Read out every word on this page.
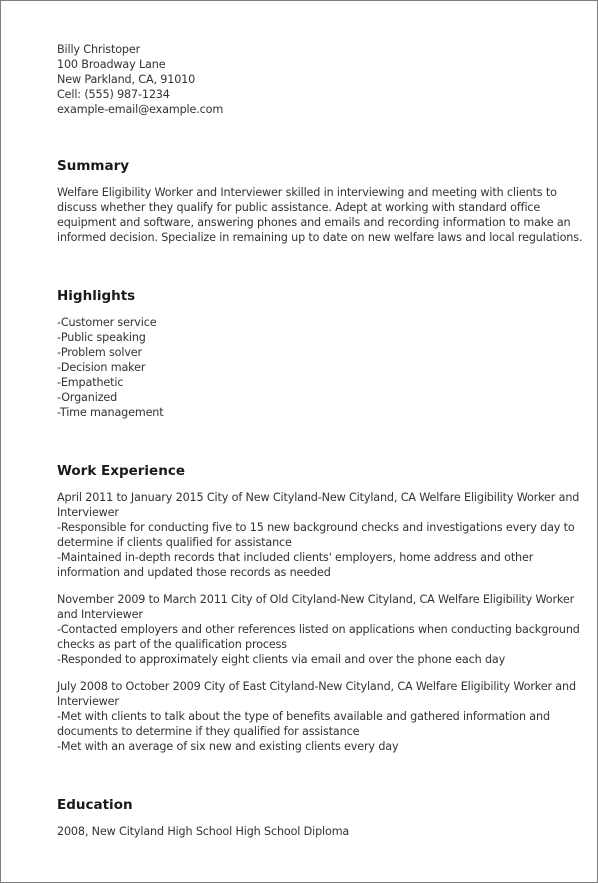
Billy Christoper
100 Broadway Lane
New Parkland, CA, 91010
Cell: (555) 987-1234
example-email@example.com
Summary

Welfare Eligibility Worker and Interviewer skilled in interviewing and meeting with clients to discuss whether they qualify for public assistance. Adept at working with standard office equipment and software, answering phones and emails and recording information to make an informed decision. Specialize in remaining up to date on new welfare laws and local regulations.

Highlights
-Customer service
-Public speaking
-Problem solver
-Decision maker
-Empathetic
-Organized
-Time management
Work Experience
April 2011 to January 2015 City of New Cityland-New Cityland, CA Welfare Eligibility Worker and Interviewer
-Responsible for conducting five to 15 new background checks and investigations every day to determine if clients qualified for assistance
-Maintained in-depth records that included clients' employers, home address and other information and updated those records as needed
November 2009 to March 2011 City of Old Cityland-New Cityland, CA Welfare Eligibility Worker and Interviewer
-Contacted employers and other references listed on applications when conducting background checks as part of the qualification process
-Responded to approximately eight clients via email and over the phone each day
July 2008 to October 2009 City of East Cityland-New Cityland, CA Welfare Eligibility Worker and Interviewer
-Met with clients to talk about the type of benefits available and gathered information and documents to determine if they qualified for assistance
-Met with an average of six new and existing clients every day
Education
2008, New Cityland High School High School Diploma
